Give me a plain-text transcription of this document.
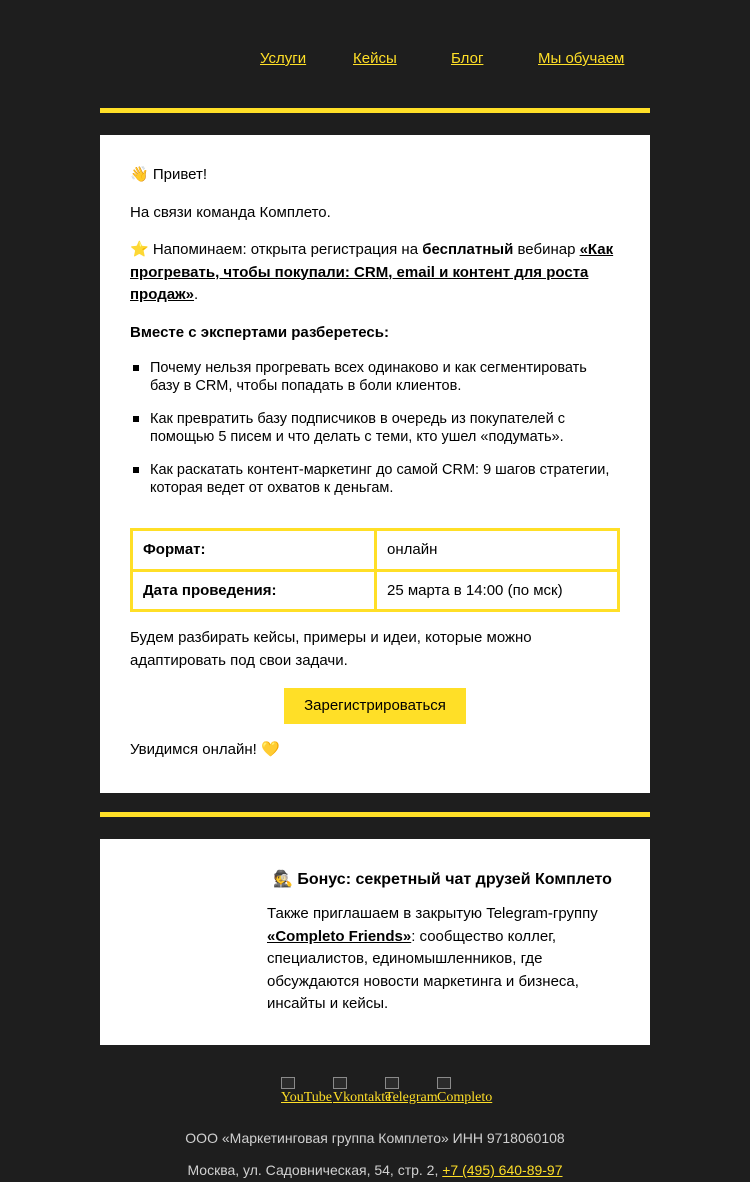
Услуги	Кейсы	Блог	Мы обучаем
👋 Привет!
На связи команда Комплето.
⭐ Напоминаем: открыта регистрация на бесплатный вебинар «Как прогревать, чтобы покупали: CRM, email и контент для роста продаж».
Вместе с экспертами разберетесь:
Почему нельзя прогревать всех одинаково и как сегментировать базу в CRM, чтобы попадать в боли клиентов.
Как превратить базу подписчиков в очередь из покупателей с помощью 5 писем и что делать с теми, кто ушел «подумать».
Как раскатать контент-маркетинг до самой CRM: 9 шагов стратегии, которая ведет от охватов к деньгам.
Формат:	онлайн
Дата проведения:	25 марта в 14:00 (по мск)
Будем разбирать кейсы, примеры и идеи, которые можно адаптировать под свои задачи.
Зарегистрироваться
Увидимся онлайн! 💛
🕵️ Бонус: секретный чат друзей Комплето
Также приглашаем в закрытую Telegram-группу «Completo Friends»: сообщество коллег, специалистов, единомышленников, где обсуждаются новости маркетинга и бизнеса, инсайты и кейсы.
YouTube Vkontakte
Telegram Completo
ООО «Маркетинговая группа Комплето» ИНН 9718060108
Москва, ул. Садовническая, 54, стр. 2, +7 (495) 640-89-97
